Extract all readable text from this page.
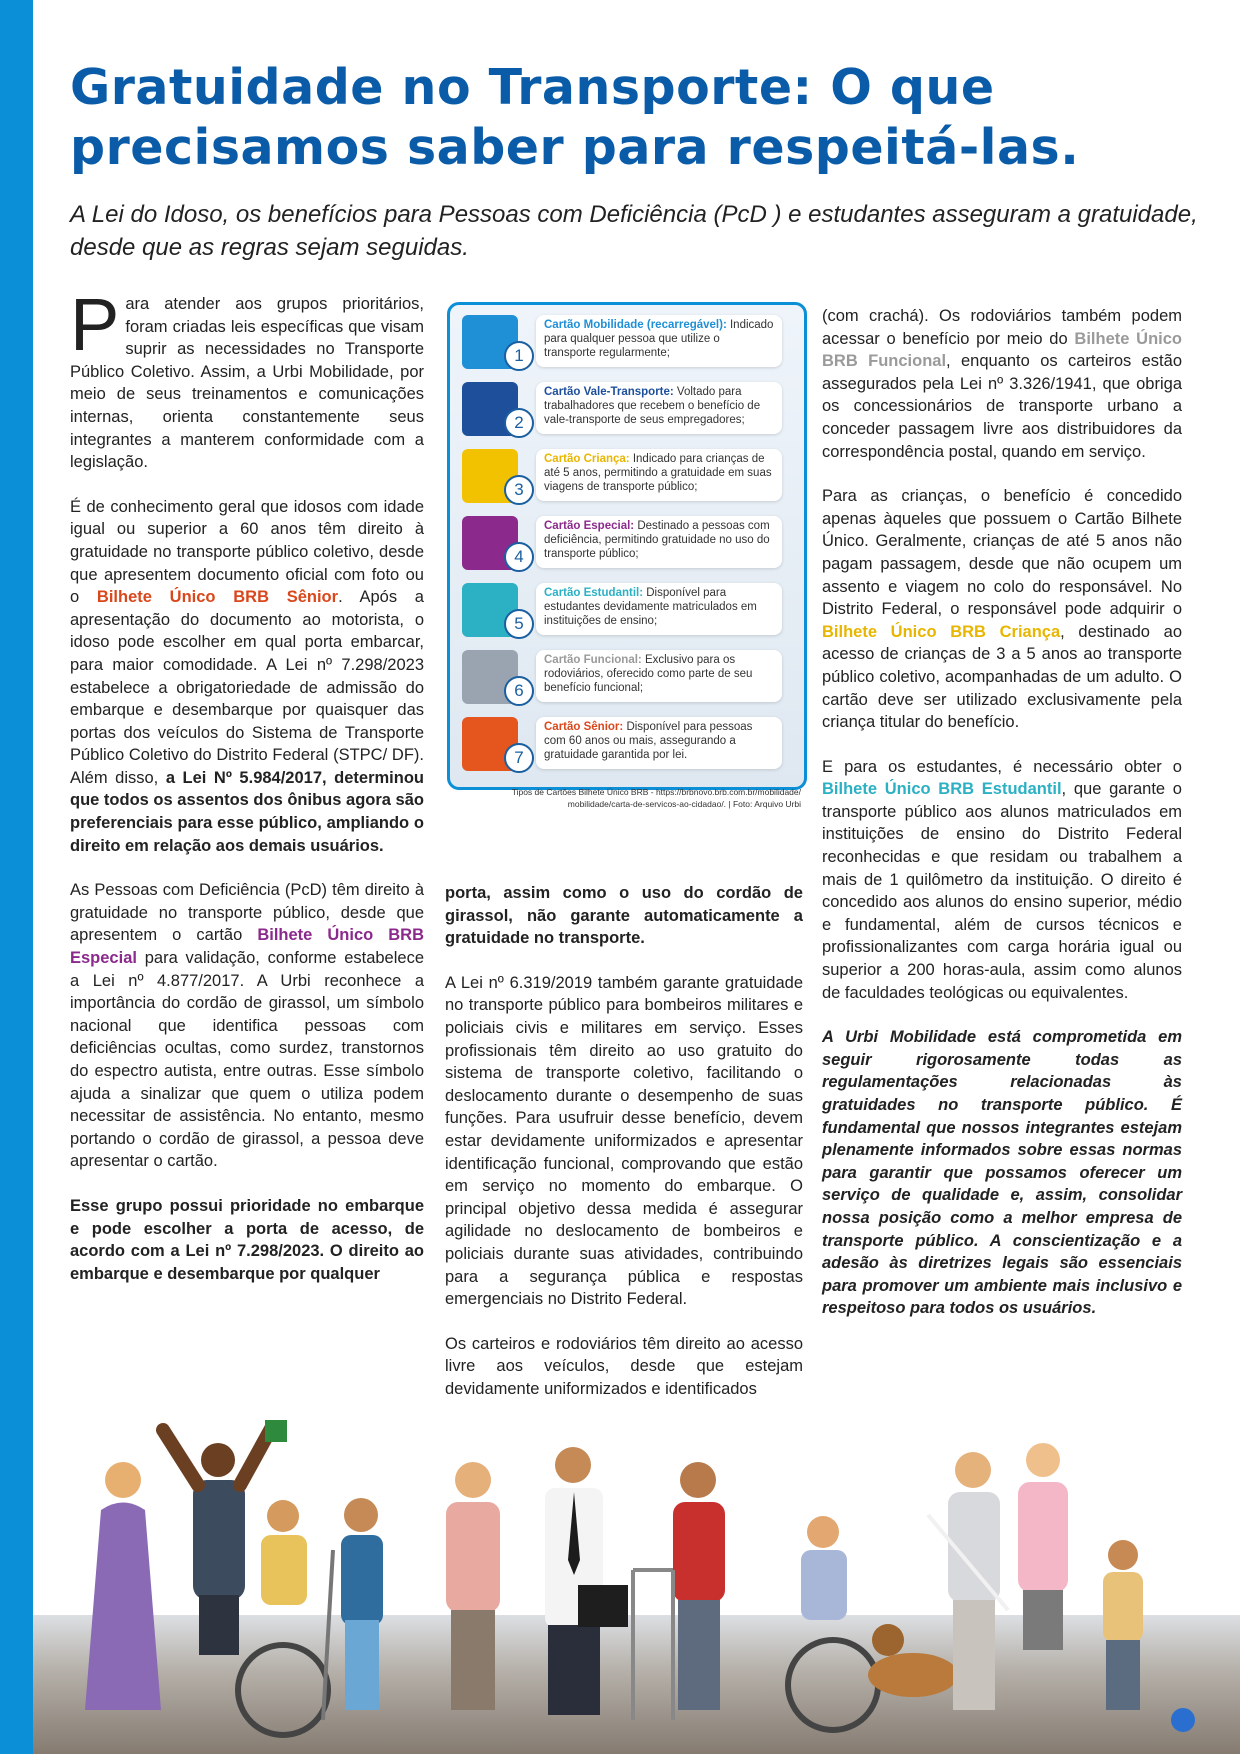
Gratuidade no Transporte: O que precisamos saber para respeitá-las.

A Lei do Idoso, os benefícios para Pessoas com Deficiência (PcD ) e estudantes asseguram a gratuidade, desde que as regras sejam seguidas.

Para atender aos grupos prioritários, foram criadas leis específicas que visam suprir as necessidades no Transporte Público Coletivo. Assim, a Urbi Mobilidade, por meio de seus treinamentos e comunicações internas, orienta constantemente seus integrantes a manterem conformidade com a legislação.

É de conhecimento geral que idosos com idade igual ou superior a 60 anos têm direito à gratuidade no transporte público coletivo, desde que apresentem documento oficial com foto ou o Bilhete Único BRB Sênior. Após a apresentação do documento ao motorista, o idoso pode escolher em qual porta embarcar, para maior comodidade. A Lei nº 7.298/2023 estabelece a obrigatoriedade de admissão do embarque e desembarque por quaisquer das portas dos veículos do Sistema de Transporte Público Coletivo do Distrito Federal (STPC/ DF). Além disso, a Lei Nº 5.984/2017, determinou que todos os assentos dos ônibus agora são preferenciais para esse público, ampliando o direito em relação aos demais usuários.

As Pessoas com Deficiência (PcD) têm direito à gratuidade no transporte público, desde que apresentem o cartão Bilhete Único BRB Especial para validação, conforme estabelece a Lei nº 4.877/2017. A Urbi reconhece a importância do cordão de girassol, um símbolo nacional que identifica pessoas com deficiências ocultas, como surdez, transtornos do espectro autista, entre outras. Esse símbolo ajuda a sinalizar que quem o utiliza podem necessitar de assistência. No entanto, mesmo portando o cordão de girassol, a pessoa deve apresentar o cartão.

Esse grupo possui prioridade no embarque e pode escolher a porta de acesso, de acordo com a Lei nº 7.298/2023. O direito ao embarque e desembarque por qualquer

1
Cartão Mobilidade (recarregável): Indicado para qualquer pessoa que utilize o transporte regularmente;
2
Cartão Vale-Transporte: Voltado para trabalhadores que recebem o benefício de vale-transporte de seus empregadores;
3
Cartão Criança: Indicado para crianças de até 5 anos, permitindo a gratuidade em suas viagens de transporte público;
4
Cartão Especial: Destinado a pessoas com deficiência, permitindo gratuidade no uso do transporte público;
5
Cartão Estudantil: Disponível para estudantes devidamente matriculados em instituições de ensino;
6
Cartão Funcional: Exclusivo para os rodoviários, oferecido como parte de seu benefício funcional;
7
Cartão Sênior: Disponível para pessoas com 60 anos ou mais, assegurando a gratuidade garantida por lei.
Tipos de Cartões Bilhete Único BRB - https://brbnovo.brb.com.br/mobilidade/ mobilidade/carta-de-servicos-ao-cidadao/. | Foto: Arquivo Urbi

porta, assim como o uso do cordão de girassol, não garante automaticamente a gratuidade no transporte.

A Lei nº 6.319/2019 também garante gratuidade no transporte público para bombeiros militares e policiais civis e militares em serviço. Esses profissionais têm direito ao uso gratuito do sistema de transporte coletivo, facilitando o deslocamento durante o desempenho de suas funções. Para usufruir desse benefício, devem estar devidamente uniformizados e apresentar identificação funcional, comprovando que estão em serviço no momento do embarque. O principal objetivo dessa medida é assegurar agilidade no deslocamento de bombeiros e policiais durante suas atividades, contribuindo para a segurança pública e respostas emergenciais no Distrito Federal.

Os carteiros e rodoviários têm direito ao acesso livre aos veículos, desde que estejam devidamente uniformizados e identificados

(com crachá). Os rodoviários também podem acessar o benefício por meio do Bilhete Único BRB Funcional, enquanto os carteiros estão assegurados pela Lei nº 3.326/1941, que obriga os concessionários de transporte urbano a conceder passagem livre aos distribuidores da correspondência postal, quando em serviço.

Para as crianças, o benefício é concedido apenas àqueles que possuem o Cartão Bilhete Único. Geralmente, crianças de até 5 anos não pagam passagem, desde que não ocupem um assento e viagem no colo do responsável. No Distrito Federal, o responsável pode adquirir o Bilhete Único BRB Criança, destinado ao acesso de crianças de 3 a 5 anos ao transporte público coletivo, acompanhadas de um adulto. O cartão deve ser utilizado exclusivamente pela criança titular do benefício.

E para os estudantes, é necessário obter o Bilhete Único BRB Estudantil, que garante o transporte público aos alunos matriculados em instituições de ensino do Distrito Federal reconhecidas e que residam ou trabalhem a mais de 1 quilômetro da instituição. O direito é concedido aos alunos do ensino superior, médio e fundamental, além de cursos técnicos e profissionalizantes com carga horária igual ou superior a 200 horas-aula, assim como alunos de faculdades teológicas ou equivalentes.

A Urbi Mobilidade está comprometida em seguir rigorosamente todas as regulamentações relacionadas às gratuidades no transporte público. É fundamental que nossos integrantes estejam plenamente informados sobre essas normas para garantir que possamos oferecer um serviço de qualidade e, assim, consolidar nossa posição como a melhor empresa de transporte público. A conscientização e a adesão às diretrizes legais são essenciais para promover um ambiente mais inclusivo e respeitoso para todos os usuários.
